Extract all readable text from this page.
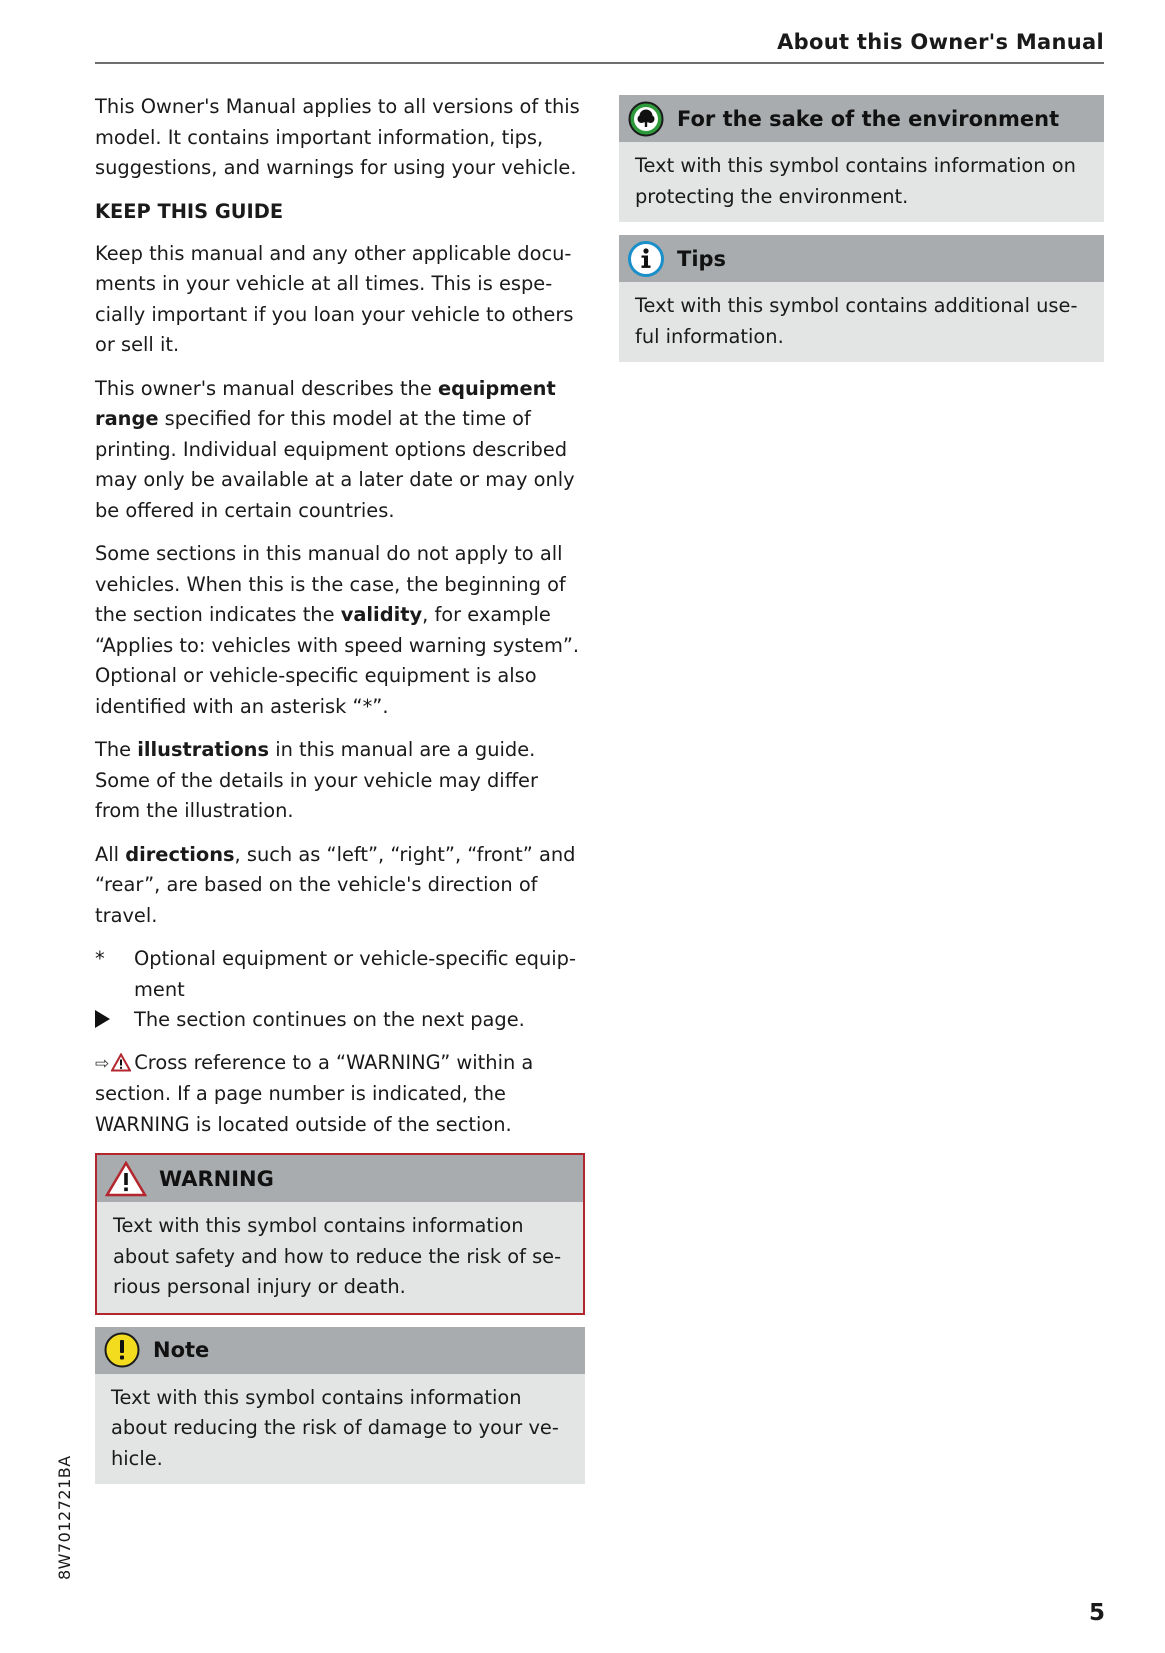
About this Owner's Manual

This Owner's Manual applies to all versions of this model. It contains important information, tips, suggestions, and warnings for using your vehicle.

KEEP THIS GUIDE

Keep this manual and any other applicable documents in your vehicle at all times. This is especially important if you loan your vehicle to others or sell it.

This owner's manual describes the equipment range specified for this model at the time of printing. Individual equipment options described may only be available at a later date or may only be offered in certain countries.

Some sections in this manual do not apply to all vehicles. When this is the case, the beginning of the section indicates the validity, for example “Applies to: vehicles with speed warning system”. Optional or vehicle-specific equipment is also identified with an asterisk “*”.

The illustrations in this manual are a guide. Some of the details in your vehicle may differ from the illustration.

All directions, such as “left”, “right”, “front” and “rear”, are based on the vehicle's direction of travel.

*	Optional equipment or vehicle-specific equipment
The section continues on the next page.

⇨ Cross reference to a “WARNING” within a section. If a page number is indicated, the WARNING is located outside of the section.

WARNING
Text with this symbol contains information about safety and how to reduce the risk of serious personal injury or death.
Note
Text with this symbol contains information about reducing the risk of damage to your vehicle.
For the sake of the environment
Text with this symbol contains information on protecting the environment.
Tips
Text with this symbol contains additional useful information.
8W7012721BA
5
